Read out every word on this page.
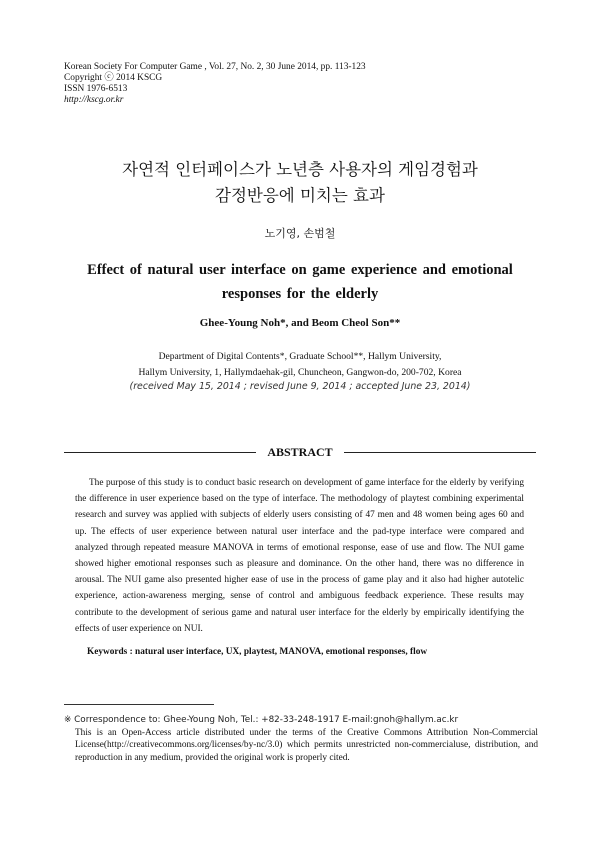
Korean Society For Computer Game , Vol. 27, No. 2, 30 June 2014, pp. 113-123
Copyright ⓒ 2014 KSCG
ISSN 1976-6513
http://kscg.or.kr
자연적 인터페이스가 노년층 사용자의 게임경험과
감정반응에 미치는 효과
노기영, 손범철
Effect of natural user interface on game experience and emotional responses for the elderly
Ghee-Young Noh*, and Beom Cheol Son**
Department of Digital Contents*, Graduate School**, Hallym University,
Hallym University, 1, Hallymdaehak-gil, Chuncheon, Gangwon-do, 200-702, Korea
(received May 15, 2014 ; revised June 9, 2014 ; accepted June 23, 2014)
ABSTRACT
The purpose of this study is to conduct basic research on development of game interface for the elderly by verifying the difference in user experience based on the type of interface. The methodology of playtest combining experimental research and survey was applied with subjects of elderly users consisting of 47 men and 48 women being ages 60 and up. The effects of user experience between natural user interface and the pad-type interface were compared and analyzed through repeated measure MANOVA in terms of emotional response, ease of use and flow. The NUI game showed higher emotional responses such as pleasure and dominance. On the other hand, there was no difference in arousal. The NUI game also presented higher ease of use in the process of game play and it also had higher autotelic experience, action-awareness merging, sense of control and ambiguous feedback experience. These results may contribute to the development of serious game and natural user interface for the elderly by empirically identifying the effects of user experience on NUI.
Keywords : natural user interface, UX, playtest, MANOVA, emotional responses, flow
※ Correspondence to: Ghee-Young Noh, Tel.: +82-33-248-1917 E-mail:gnoh@hallym.ac.kr
This is an Open-Access article distributed under the terms of the Creative Commons Attribution Non-Commercial License(http://creativecommons.org/licenses/by-nc/3.0) which permits unrestricted non-commercialuse, distribution, and reproduction in any medium, provided the original work is properly cited.
